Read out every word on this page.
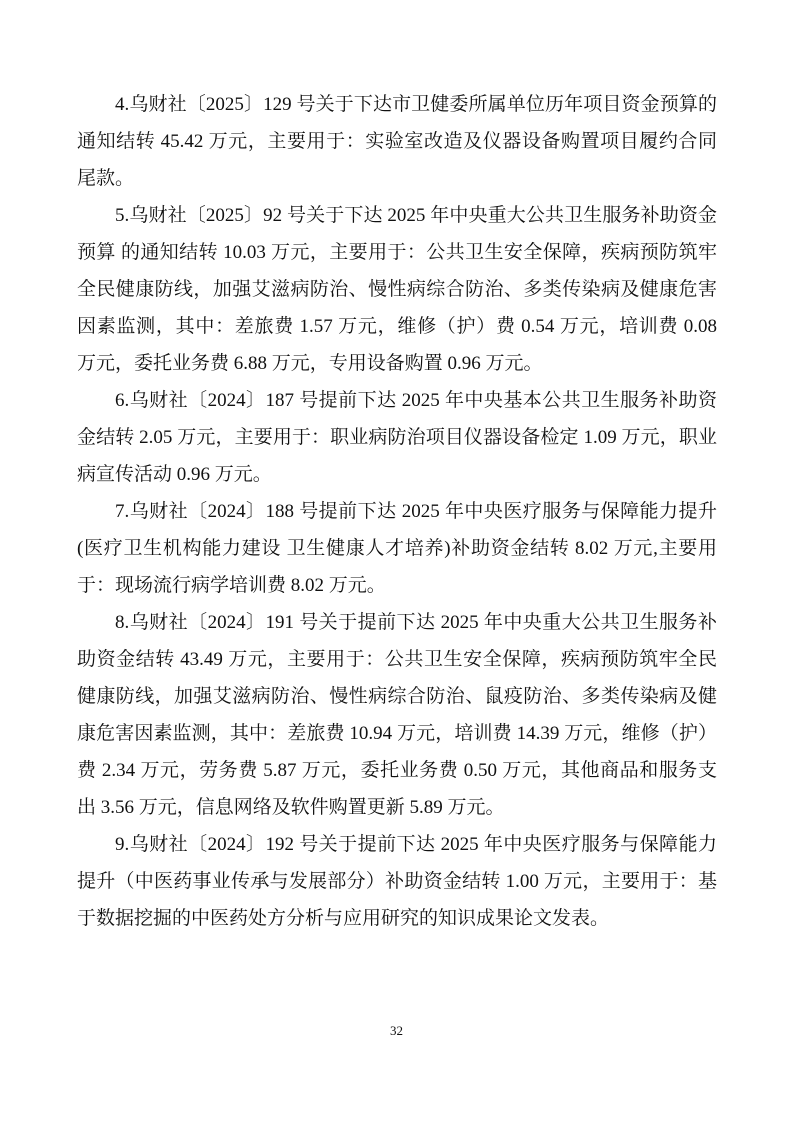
4.乌财社〔2025〕129 号关于下达市卫健委所属单位历年项目资金预算的通知结转 45.42 万元，主要用于：实验室改造及仪器设备购置项目履约合同尾款。

5.乌财社〔2025〕92 号关于下达 2025 年中央重大公共卫生服务补助资金预算 的通知结转 10.03 万元，主要用于：公共卫生安全保障，疾病预防筑牢全民健康防线，加强艾滋病防治、慢性病综合防治、多类传染病及健康危害因素监测，其中：差旅费 1.57 万元，维修（护）费 0.54 万元，培训费 0.08 万元，委托业务费 6.88 万元，专用设备购置 0.96 万元。

6.乌财社〔2024〕187 号提前下达 2025 年中央基本公共卫生服务补助资金结转 2.05 万元，主要用于：职业病防治项目仪器设备检定 1.09 万元，职业病宣传活动 0.96 万元。

7.乌财社〔2024〕188 号提前下达 2025 年中央医疗服务与保障能力提升(医疗卫生机构能力建设 卫生健康人才培养)补助资金结转 8.02 万元,主要用于：现场流行病学培训费 8.02 万元。

8.乌财社〔2024〕191 号关于提前下达 2025 年中央重大公共卫生服务补助资金结转 43.49 万元，主要用于：公共卫生安全保障，疾病预防筑牢全民健康防线，加强艾滋病防治、慢性病综合防治、鼠疫防治、多类传染病及健康危害因素监测，其中：差旅费 10.94 万元，培训费 14.39 万元，维修（护）费 2.34 万元，劳务费 5.87 万元，委托业务费 0.50 万元，其他商品和服务支出 3.56 万元，信息网络及软件购置更新 5.89 万元。

9.乌财社〔2024〕192 号关于提前下达 2025 年中央医疗服务与保障能力提升（中医药事业传承与发展部分）补助资金结转 1.00 万元，主要用于：基于数据挖掘的中医药处方分析与应用研究的知识成果论文发表。

32
